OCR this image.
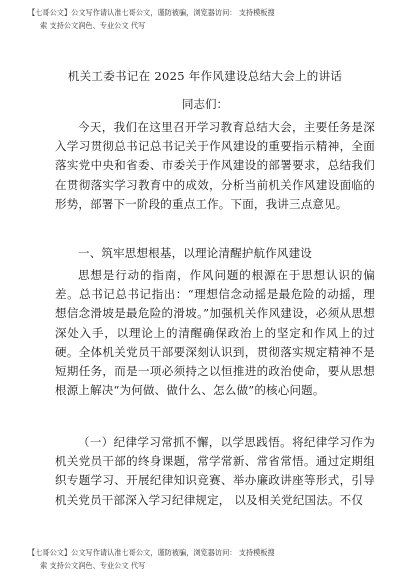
【七哥公文】公文写作请认准七哥公文，谨防被骗，浏览器访问： 支持模板搜
索 支持公文润色、专业公文 代写
机关工委书记在 2025 年作风建设总结大会上的讲话
同志们：
今天，我们在这里召开学习教育总结大会，主要任务是深入学习贯彻总书记总书记关于作风建设的重要指示精神，全面落实党中央和省委、市委关于作风建设的部署要求，总结我们在贯彻落实学习教育中的成效，分析当前机关作风建设面临的形势，部署下一阶段的重点工作。下面，我讲三点意见。
一、筑牢思想根基，以理论清醒护航作风建设
思想是行动的指南，作风问题的根源在于思想认识的偏差。总书记总书记指出：“理想信念动摇是最危险的动摇，理想信念滑坡是最危险的滑坡。”加强机关作风建设，必须从思想深处入手，以理论上的清醒确保政治上的坚定和作风上的过硬。全体机关党员干部要深刻认识到，贯彻落实规定精神不是短期任务，而是一项必须持之以恒推进的政治使命，要从思想根源上解决“为何做、做什么、怎么做”的核心问题。
（一）纪律学习常抓不懈，以学思践悟。将纪律学习作为机关党员干部的终身课题，常学常新、常省常悟。通过定期组织专题学习、开展纪律知识竞赛、举办廉政讲座等形式，引导机关党员干部深入学习纪律规定， 以及相关党纪国法。不仅
【七哥公文】公文写作请认准七哥公文，谨防被骗，浏览器访问： 支持模板搜
索 支持公文润色、专业公文 代写
